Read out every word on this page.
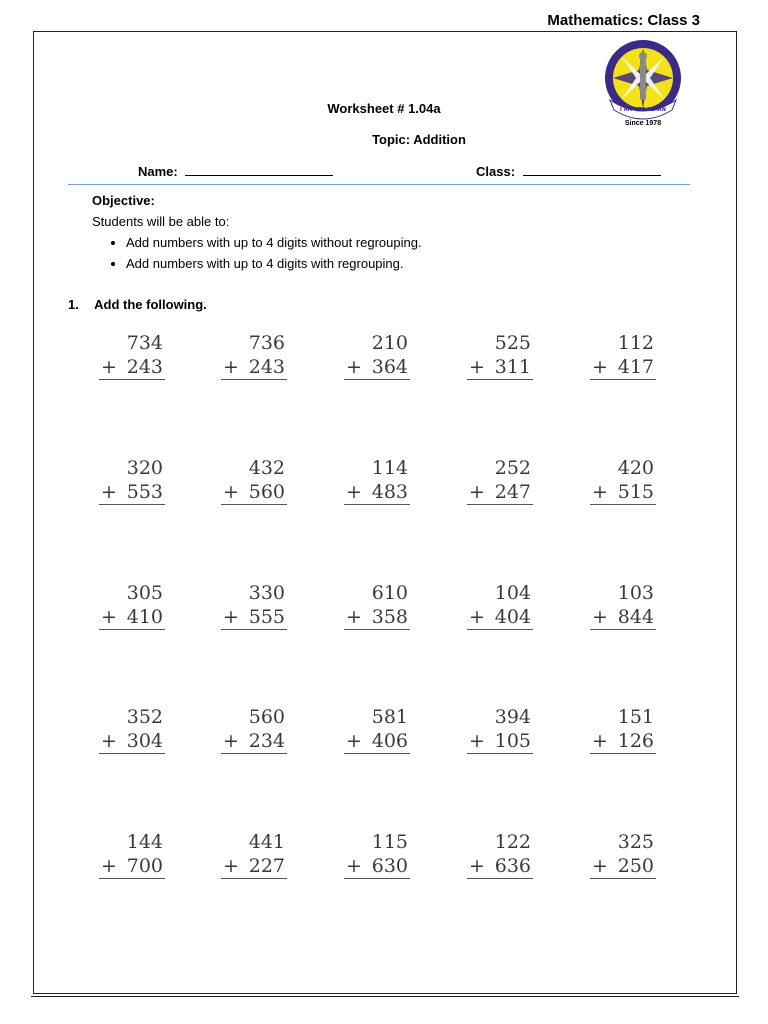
Mathematics: Class 3
I AM - TO LEARN
Since 1978
Worksheet # 1.04a
Topic: Addition
Name:	Class:
Objective:
Students will be able to:
• Add numbers with up to 4 digits without regrouping.
• Add numbers with up to 4 digits with regrouping.
1. Add the following.
734
+ 243
736
+ 243
210
+ 364
525
+ 311
112
+ 417
320
+ 553
432
+ 560
114
+ 483
252
+ 247
420
+ 515
305
+ 410
330
+ 555
610
+ 358
104
+ 404
103
+ 844
352
+ 304
560
+ 234
581
+ 406
394
+ 105
151
+ 126
144
+ 700
441
+ 227
115
+ 630
122
+ 636
325
+ 250
